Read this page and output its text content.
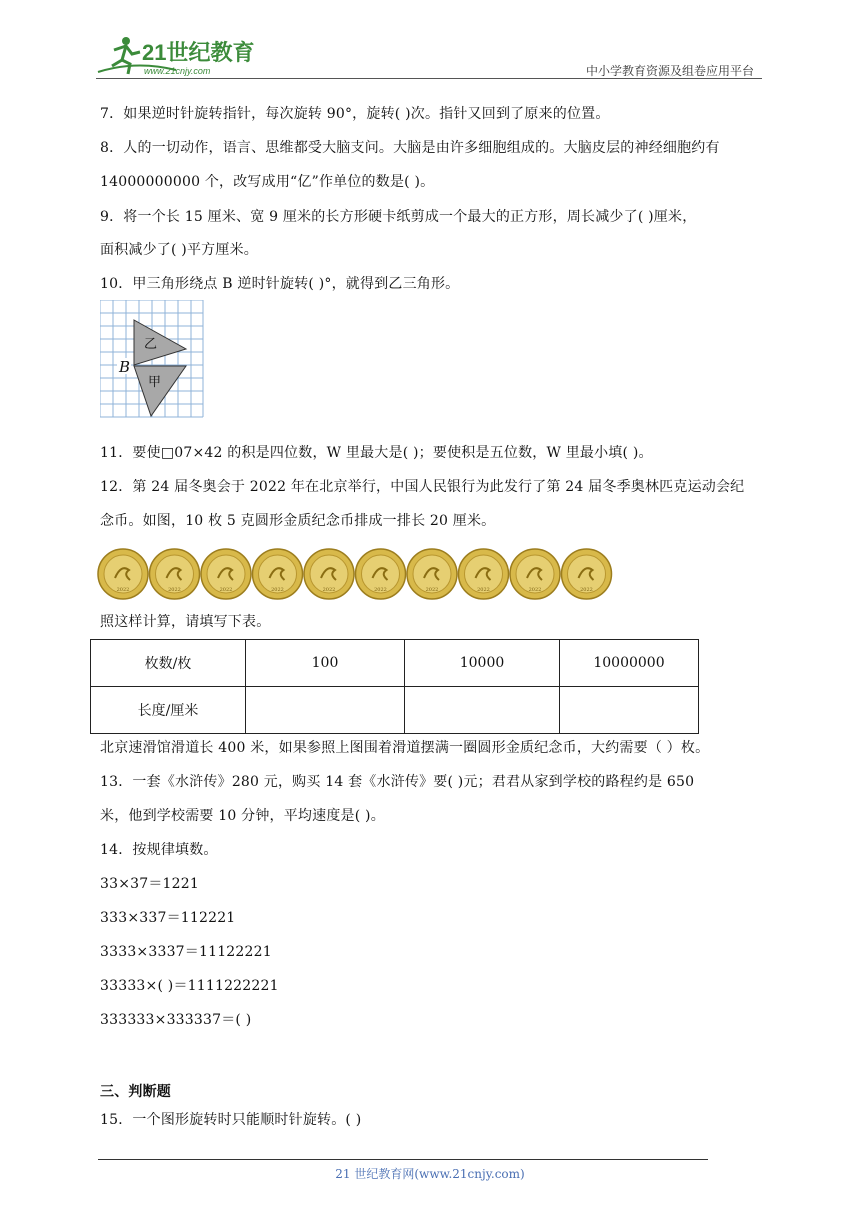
21世纪教育
www.21cnjy.com	中小学教育资源及组卷应用平台
7．如果逆时针旋转指针，每次旋转 90°，旋转( )次。指针又回到了原来的位置。
8．人的一切动作，语言、思维都受大脑支问。大脑是由许多细胞组成的。大脑皮层的神经细胞约有
14000000000 个，改写成用“亿”作单位的数是( )。
9．将一个长 15 厘米、宽 9 厘米的长方形硬卡纸剪成一个最大的正方形，周长减少了( )厘米，
面积减少了( )平方厘米。
10．甲三角形绕点 B 逆时针旋转( )°，就得到乙三角形。
B
乙
甲
11．要使□07×42 的积是四位数，W 里最大是( )；要使积是五位数，W 里最小填( )。
12．第 24 届冬奥会于 2022 年在北京举行，中国人民银行为此发行了第 24 届冬季奥林匹克运动会纪
念币。如图，10 枚 5 克圆形金质纪念币排成一排长 20 厘米。
2022	2022	2022	2022	2022	2022	2022	2022	2022	2022
照这样计算，请填写下表。
枚数/枚	100	10000	10000000
长度/厘米			
北京速滑馆滑道长 400 米，如果参照上图围着滑道摆满一圈圆形金质纪念币，大约需要（ ）枚。
13．一套《水浒传》280 元，购买 14 套《水浒传》要( )元；君君从家到学校的路程约是 650
米，他到学校需要 10 分钟，平均速度是( )。
14．按规律填数。
33×37＝1221
333×337＝112221
3333×3337＝11122221
33333×( )＝1111222221
333333×333337＝( )
三、判断题
15．一个图形旋转时只能顺时针旋转。( )
21 世纪教育网(www.21cnjy.com)
